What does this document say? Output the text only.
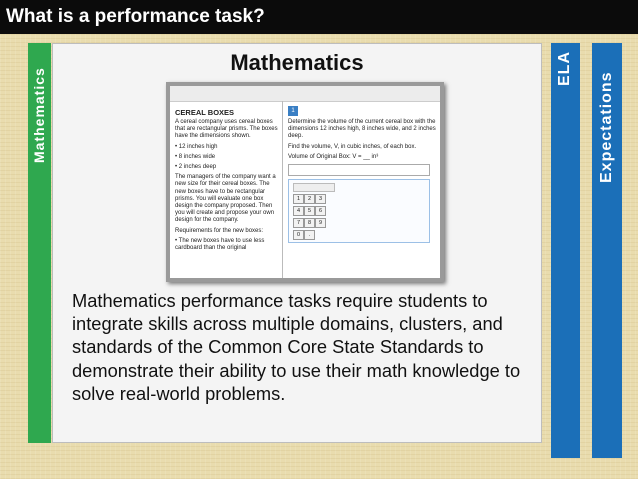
What is a performance task?
Mathematics
Mathematics
CEREAL BOXES

A cereal company uses cereal boxes that are rectangular prisms. The boxes have the dimensions shown.

• 12 inches high

• 8 inches wide

• 2 inches deep

The managers of the company want a new size for their cereal boxes. The new boxes have to be rectangular prisms. You will evaluate one box design the company proposed. Then you will create and propose your own design for the company.

Requirements for the new boxes:

• The new boxes have to use less cardboard than the original

1

Determine the volume of the current cereal box with the dimensions 12 inches high, 8 inches wide, and 2 inches deep.

Find the volume, V, in cubic inches, of each box.

Volume of Original Box: V = __ in³

1	2	3
4	5	6
7	8	9
0	.
Mathematics performance tasks require students to integrate skills across multiple domains, clusters, and standards of the Common Core State Standards to demonstrate their ability to use their math knowledge to solve real-world problems.
ELA
Expectations
